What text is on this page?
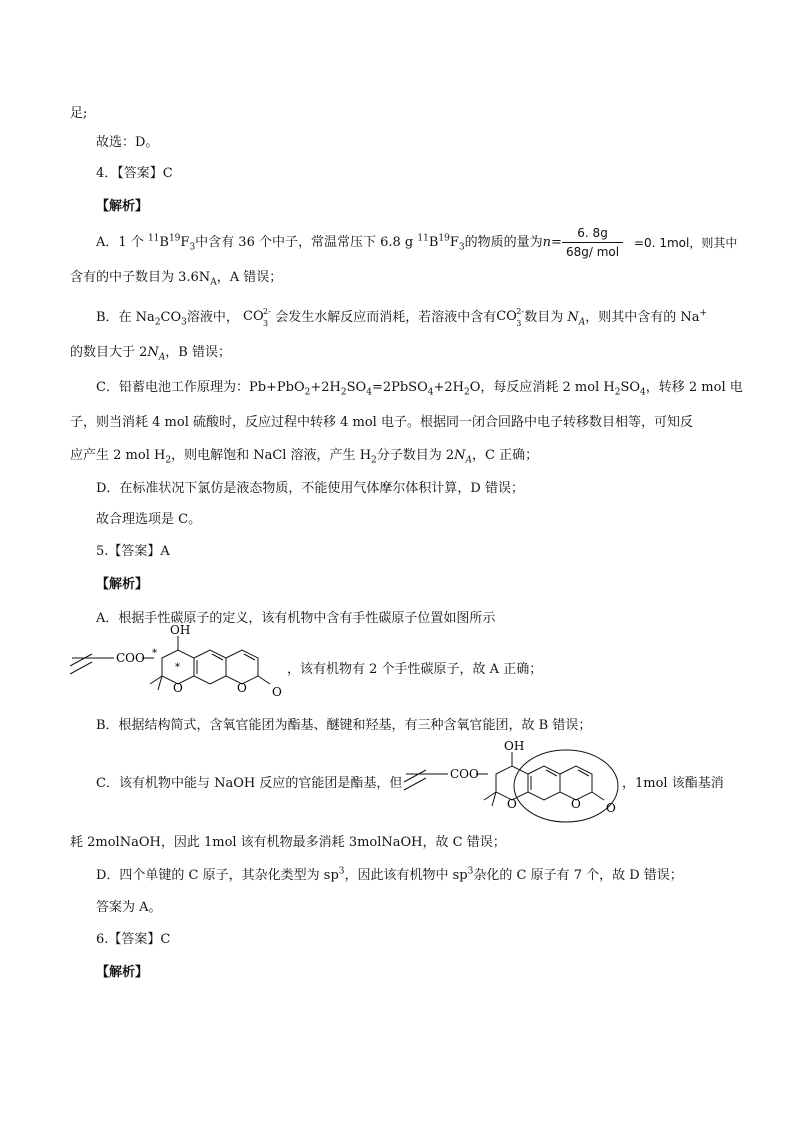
足;
故选：D。
4．【答案】C
【解析】
A．1 个 $^{11}B^{19}F_3$中含有 36 个中子，常温常压下 6.8 g $^{11}B^{19}F_3$的物质的量为n=
6. 8g
68g/ mol
=0. 1mol，则其中
含有的中子数目为 $3.6N_A$，A 错误；
B．在 $Na_2CO_3$溶液中， CO 2-
3 会发生水解反应而消耗，若溶液中含有 CO 2-
3 数目为 $N_A$，则其中含有的 Na+
的数目大于 $2N_A$，B 错误；
C．铅蓄电池工作原理为：$Pb+PbO_2+2H_2SO_4=2PbSO_4+2H_2O$，每反应消耗 2 mol $H_2SO_4$，转移 2 mol 电
子，则当消耗 4 mol 硫酸时，反应过程中转移 4 mol 电子。根据同一闭合回路中电子转移数目相等，可知反
应产生 2 mol $H_2$，则电解饱和 NaCl 溶液，产生 $H_2$分子数目为 $2N_A$，C 正确；
D．在标准状况下氯仿是液态物质，不能使用气体摩尔体积计算，D 错误；
故合理选项是 C。
5.【答案】A
【解析】
A．根据手性碳原子的定义，该有机物中含有手性碳原子位置如图所示
COO
OH
*
*
O	O O
，该有机物有 2 个手性碳原子，故 A 正确；
B．根据结构简式，含氧官能团为酯基、醚键和羟基，有三种含氧官能团，故 B 错误；
C．该有机物中能与 NaOH 反应的官能团是酯基，但
COO
OH
O	O O
，1mol 该酯基消
耗 2molNaOH，因此 1mol 该有机物最多消耗 3molNaOH，故 C 错误；
D．四个单键的 C 原子，其杂化类型为 $sp^3$，因此该有机物中 $sp^3$杂化的 C 原子有 7 个，故 D 错误；
答案为 A。
6.【答案】C
【解析】
